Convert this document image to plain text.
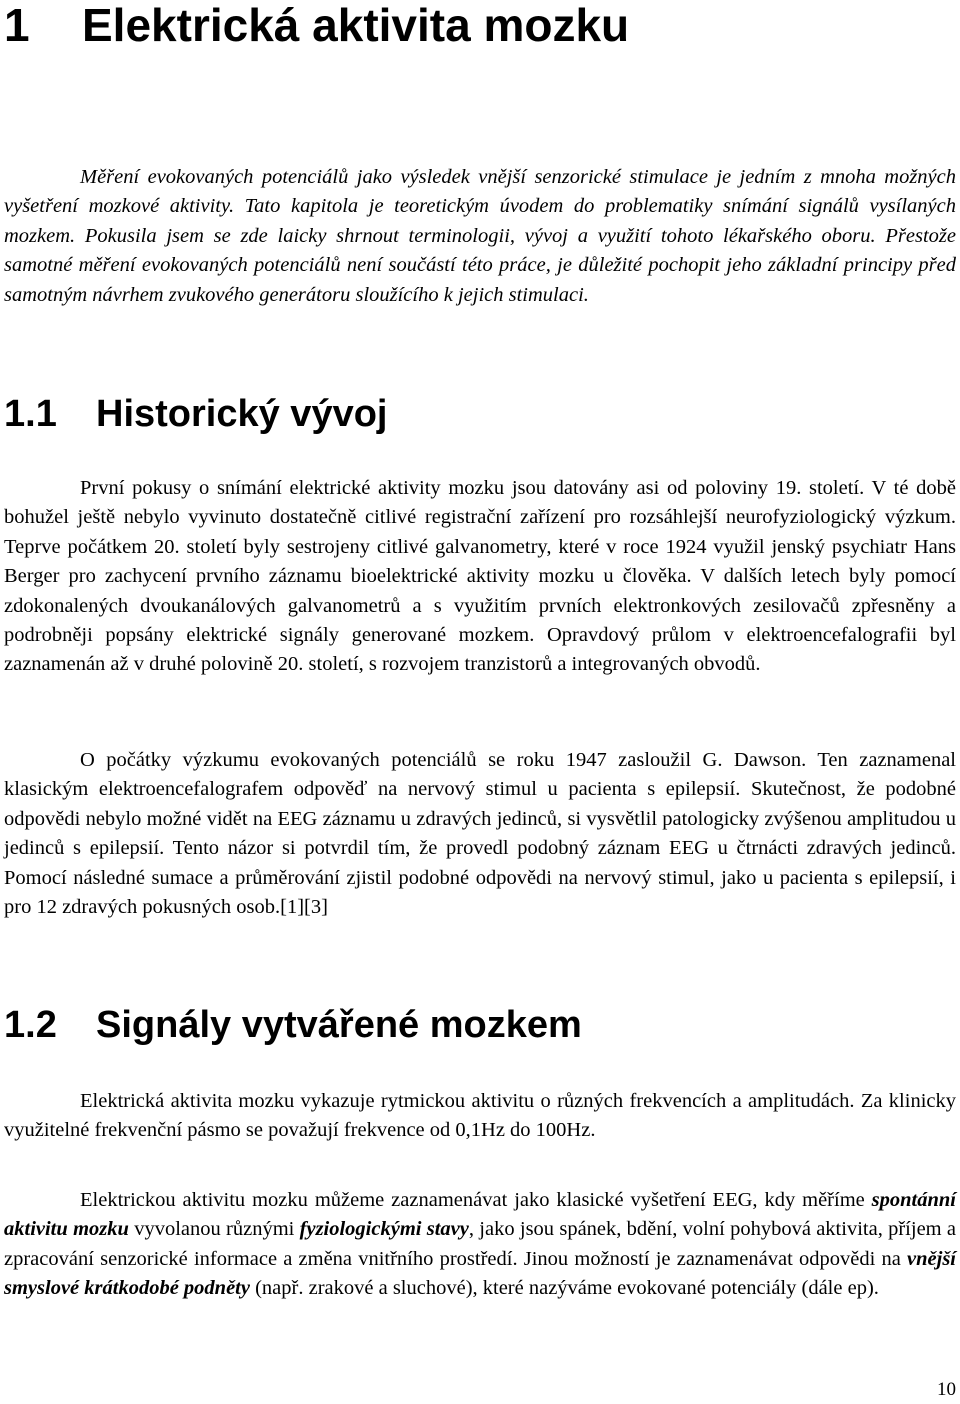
1 Elektrická aktivita mozku

Měření evokovaných potenciálů jako výsledek vnější senzorické stimulace je jedním z mnoha možných vyšetření mozkové aktivity. Tato kapitola je teoretickým úvodem do problematiky snímání signálů vysílaných mozkem. Pokusila jsem se zde laicky shrnout terminologii, vývoj a využití tohoto lékařského oboru. Přestože samotné měření evokovaných potenciálů není součástí této práce, je důležité pochopit jeho základní principy před samotným návrhem zvukového generátoru sloužícího k jejich stimulaci.

1.1 Historický vývoj

První pokusy o snímání elektrické aktivity mozku jsou datovány asi od poloviny 19. století. V té době bohužel ještě nebylo vyvinuto dostatečně citlivé registrační zařízení pro rozsáhlejší neurofyziologický výzkum. Teprve počátkem 20. století byly sestrojeny citlivé galvanometry, které v roce 1924 využil jenský psychiatr Hans Berger pro zachycení prvního záznamu bioelektrické aktivity mozku u člověka. V dalších letech byly pomocí zdokonalených dvoukanálových galvanometrů a s využitím prvních elektronkových zesilovačů zpřesněny a podrobněji popsány elektrické signály generované mozkem. Opravdový průlom v elektroencefalografii byl zaznamenán až v druhé polovině 20. století, s rozvojem tranzistorů a integrovaných obvodů.

O počátky výzkumu evokovaných potenciálů se roku 1947 zasloužil G. Dawson. Ten zaznamenal klasickým elektroencefalografem odpověď na nervový stimul u pacienta s epilepsií. Skutečnost, že podobné odpovědi nebylo možné vidět na EEG záznamu u zdravých jedinců, si vysvětlil patologicky zvýšenou amplitudou u jedinců s epilepsií. Tento názor si potvrdil tím, že provedl podobný záznam EEG u čtrnácti zdravých jedinců. Pomocí následné sumace a průměrování zjistil podobné odpovědi na nervový stimul, jako u pacienta s epilepsií, i pro 12 zdravých pokusných osob.[1][3]

1.2 Signály vytvářené mozkem

Elektrická aktivita mozku vykazuje rytmickou aktivitu o různých frekvencích a amplitudách. Za klinicky využitelné frekvenční pásmo se považují frekvence od 0,1Hz do 100Hz.

Elektrickou aktivitu mozku můžeme zaznamenávat jako klasické vyšetření EEG, kdy měříme spontánní aktivitu mozku vyvolanou různými fyziologickými stavy, jako jsou spánek, bdění, volní pohybová aktivita, příjem a zpracování senzorické informace a změna vnitřního prostředí. Jinou možností je zaznamenávat odpovědi na vnější smyslové krátkodobé podněty (např. zrakové a sluchové), které nazýváme evokované potenciály (dále ep).

10
